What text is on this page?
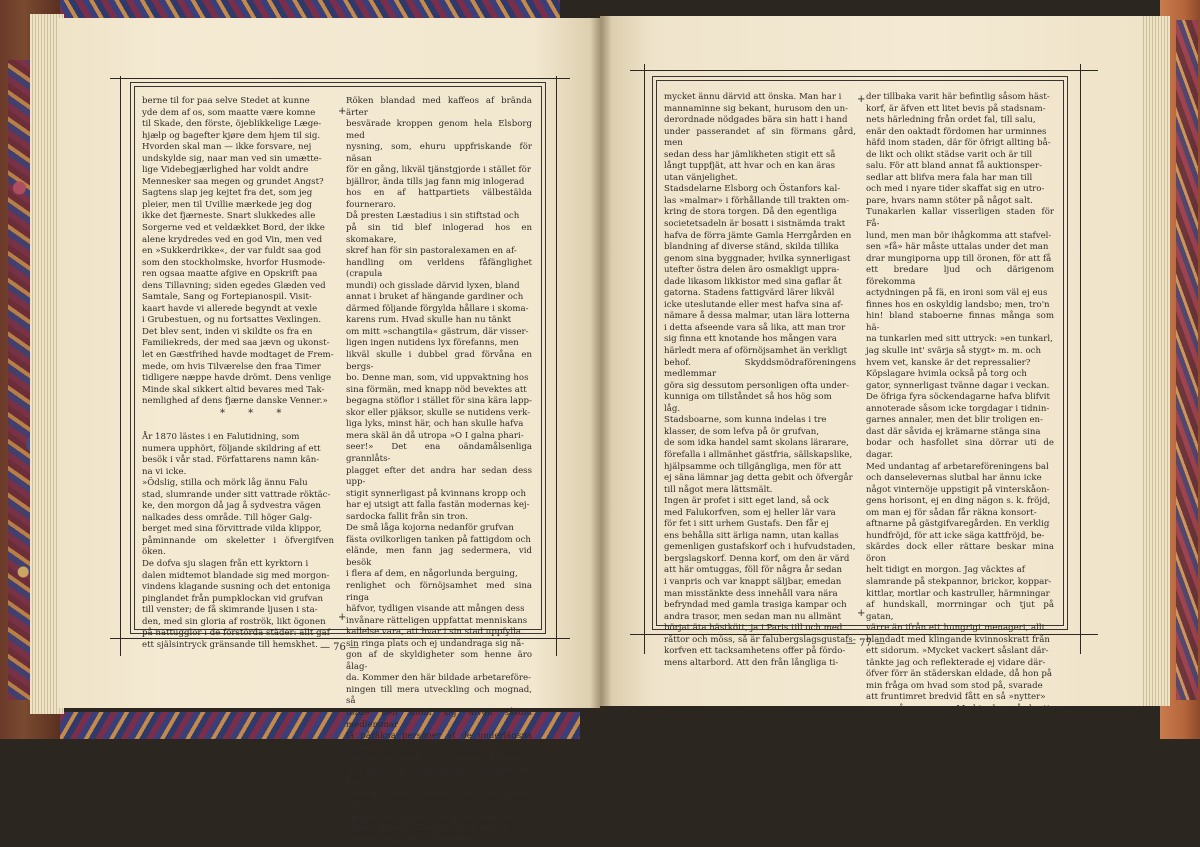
berne til for paa selve Stedet at kunne
yde dem af os, som maatte være komne
til Skade, den förste, öjeblikkelige Læge-
hjælp og bagefter kjøre dem hjem til sig.
Hvorden skal man — ikke forsvare, nej
undskylde sig, naar man ved sin umætte-
lige Videbegjærlighed har voldt andre
Mennesker saa megen og grundet Angst?
Sagtens slap jeg kejtet fra det, som jeg
pleier, men til Uvillie mærkede jeg dog
ikke det fjærneste. Snart slukkedes alle
Sorgerne ved et veldækket Bord, der ikke
alene krydredes ved en god Vin, men ved
en »Sukkerdrikke«, der var fuldt saa god
som den stockholmske, hvorfor Husmode-
ren ogsaa maatte afgive en Opskrift paa
dens Tillavning; siden egedes Glæden ved
Samtale, Sang og Fortepianospil. Visit-
kaart havde vi allerede begyndt at vexle
i Grubestuen, og nu fortsattes Vexlingen.
Det blev sent, inden vi skildte os fra en
Familiekreds, der med saa jævn og ukonst-
let en Gæstfrihed havde modtaget de Frem-
mede, om hvis Tilværelse den fraa Timer
tidligere næppe havde drömt. Dens venlige
Minde skal sikkert altid bevares med Tak-
nemlighed af dens fjærne danske Venner.»
* * *
År 1870 lästes i en Falutidning, som
numera upphört, följande skildring af ett
besök i vår stad. Författarens namn kän-
na vi icke.
»Ödslig, stilla och mörk låg ännu Falu
stad, slumrande under sitt vattrade röktäc-
ke, den morgon då jag å sydvestra vägen
nalkades dess område. Till höger Galg-
berget med sina förvittrade vilda klippor,
påminnande om skeletter i öfvergifven öken.
De dofva sju slagen från ett kyrktorn i
dalen midtemot blandade sig med morgon-
vindens klagande susning och det entoniga
pinglandet från pumpklockan vid grufvan
till venster; de få skimrande ljusen i sta-
den, med sin gloria af roströk, likt ögonen
på nattugglor i de förstörda städer: allt gaf
ett själsintryck gränsande till hemskhet.
+
+
Röken blandad med kaffeos af brända ärter
besvärade kroppen genom hela Elsborg med
nysning, som, ehuru uppfriskande för näsan
för en gång, likväl tjänstgjorde i stället för
bjällror, ända tills jag fann mig inlogerad
hos en af hattpartiets välbestälda fourneraro.
Då presten Læstadius i sin stiftstad och
på sin tid blef inlogerad hos en skomakare,
skref han för sin pastoralexamen en af-
handling om verldens fåfänglighet (crapula
mundi) och gisslade därvid lyxen, bland
annat i bruket af hängande gardiner och
därmed följande förgylda hållare i skoma-
karens rum. Hvad skulle han nu tänkt
om mitt »schangtila« gästrum, där visser-
ligen ingen nutidens lyx förefanns, men
likväl skulle i dubbel grad förvåna en bergs-
bo. Denne man, som, vid uppvaktning hos
sina förmän, med knapp nöd bevektes att
begagna stöflor i stället för sina kära lapp-
skor eller pjäksor, skulle se nutidens verk-
liga lyks, minst här, och han skulle hafva
mera skäl än då utropa »O I galna phari-
seer!» Det ena oändamålsenliga grannlåts-
plagget efter det andra har sedan dess upp-
stigit synnerligast på kvinnans kropp och
har ej utsigt att falla fastän modernas kej-
sardocka fallit från sin tron.
De små låga kojorna nedanför grufvan
fästa ovilkorligen tanken på fattigdom och
elände, men fann jag sedermera, vid besök
i flera af dem, en någorlunda berguing,
renlighet och förnöjsamhet med sina ringa
häfvor, tydligen visande att mången dess
invånare rätteligen uppfattat menniskans
kallelse vara, att hvar i sin stad uppfylla
sin ringa plats och ej undandraga sig nå-
gon af de skyldigheter som henne äro ålag-
da. Kommer den här bildade arbetareföre-
ningen till mera utveckling och mognad, så
torde den inom sig äfven såsom medlemmar
få påräkna personer af de underlägsna stads-
boarna, hos hvilka ett ordentligt lefnads-
sätt samt en arbetsam och riktande flit kan
befordra icke allenast den kroppsliga utbild-
ningen utan äfven en hög moralisk vär-
dighet. Ständsskilnaden är väl här ej så
förskräcklig, men till arbetarnes bästa är
— 76 —
mycket ännu därvid att önska. Man har i
mannaminne sig bekant, hurusom den un-
derordnade nödgades bära sin hatt i hand
under passerandet af sin förmans gård, men
sedan dess har jämlikheten stigit ett så
långt tuppfjät, att hvar och en kan äras
utan vänjelighet.
Stadsdelarne Elsborg och Östanfors kal-
las »malmar» i förhållande till trakten om-
kring de stora torgen. Då den egentliga
societetsadeln är bosatt i sistnämda trakt
hafva de förra jämte Gamla Herrgården en
blandning af diverse ständ, skilda tillika
genom sina byggnader, hvilka synnerligast
utefter östra delen äro osmakligt uppra-
dade likasom likkistor med sina gaflar åt
gatorna. Stadens fattigvärd lärer likväl
icke uteslutande eller mest hafva sina af-
nämare å dessa malmar, utan lära lotterna
i detta afseende vara så lika, att man tror
sig finna ett knotande hos mången vara
härledt mera af oförnöjsamhet än verkligt
behof. Skyddsmödraföreningens medlemmar
göra sig dessutom personligen ofta under-
kunniga om tillståndet så hos hög som
låg.
Stadsboarne, som kunna indelas i tre
klasser, de som lefva på ör grufvan,
de som idka handel samt skolans lärarare,
förefalla i allmänhet gästfria, sällskapslike,
hjälpsamme och tillgängliga, men för att
ej säna lämnar jag detta gebit och öfvergår
till något mera lättsmält.
Ingen är profet i sitt eget land, så ock
med Falukorfven, som ej heller lär vara
för fet i sitt urhem Gustafs. Den får ej
ens behålla sitt ärliga namn, utan kallas
gemenligen gustafskorf och i hufvudstaden,
bergslagskorf. Denna korf, om den är värd
att här omtuggas, föll för några år sedan
i vanpris och var knappt säljbar, emedan
man misstänkte dess innehåll vara nära
befryndad med gamla trasiga kampar och
andra trasor, men sedan man nu allmänt
börjat äta hästkött, ja i Paris till och med
råttor och möss, så är falubergslagsgustafs-
korfven ett tacksamhetens offer på fördo-
mens altarbord. Att den från långliga ti-
+
+
der tillbaka varit här befintlig såsom häst-
korf, är äfven ett litet bevis på stadsnam-
nets härledning från ordet fal, till salu,
enär den oaktadt fördomen har urminnes
häfd inom staden, där för öfrigt allting bå-
de likt och olikt städse varit och är till
salu. För att bland annat få auktionsper-
sedlar att blifva mera fala har man till
och med i nyare tider skaffat sig en utro-
pare, hvars namn stöter på något salt.
Tunakarlen kallar visserligen staden för Få-
lund, men man bör ihågkomma att stafvel-
sen »få» här måste uttalas under det man
drar mungiporna upp till öronen, för att få
ett bredare ljud och därigenom förekomma
actydningen på fä, en ironi som väl ej eus
finnes hos en oskyldig landsbo; men, tro'n
hin! bland staboerne finnas många som hä-
na tunkarlen med sitt uttryck: »en tunkarl,
jag skulle int' svärja så stygt» m. m. och
hvem vet, kanske är det repressalier?
Köpslagare hvimla också på torg och
gator, synnerligast tvänne dagar i veckan.
De öfriga fyra söckendagarne hafva blifvit
annoterade såsom icke torgdagar i tidnin-
garnes annaler, men det blir troligen en-
dast där såvida ej krämarne stänga sina
bodar och hasfollet sina dörrar uti de dagar.
Med undantag af arbetareföreningens bal
och danselevernas slutbal har ännu icke
något vinternöje uppstigit på vinterskåon-
gens horisont, ej en ding nägon s. k. fröjd,
om man ej för sådan får räkna konsort-
aftnarne på gästgifvaregården. En verklig
hundfröjd, för att icke säga kattfröjd, be-
skärdes dock eller rättare beskar mina öron
helt tidigt en morgon. Jag väcktes af
slamrande på stekpannor, brickor, koppar-
kittlar, mortlar och kastruller, härmningar
af hundskall, morrningar och tjut på gatan,
värre än ifrån ett hungrigt menageri, allt
blandadt med klingande kvinnoskratt från
ett sidorum. »Mycket vackert såslant där-
tänkte jag och reflekterade ej vidare där-
öfver förr än städerskan eldade, då hon på
min fråga om hvad som stod på, svarade
att fruntimret bredvid fått en så »nytter»
gosse på morgonen. Med tanken på skratt-
— 77 —
